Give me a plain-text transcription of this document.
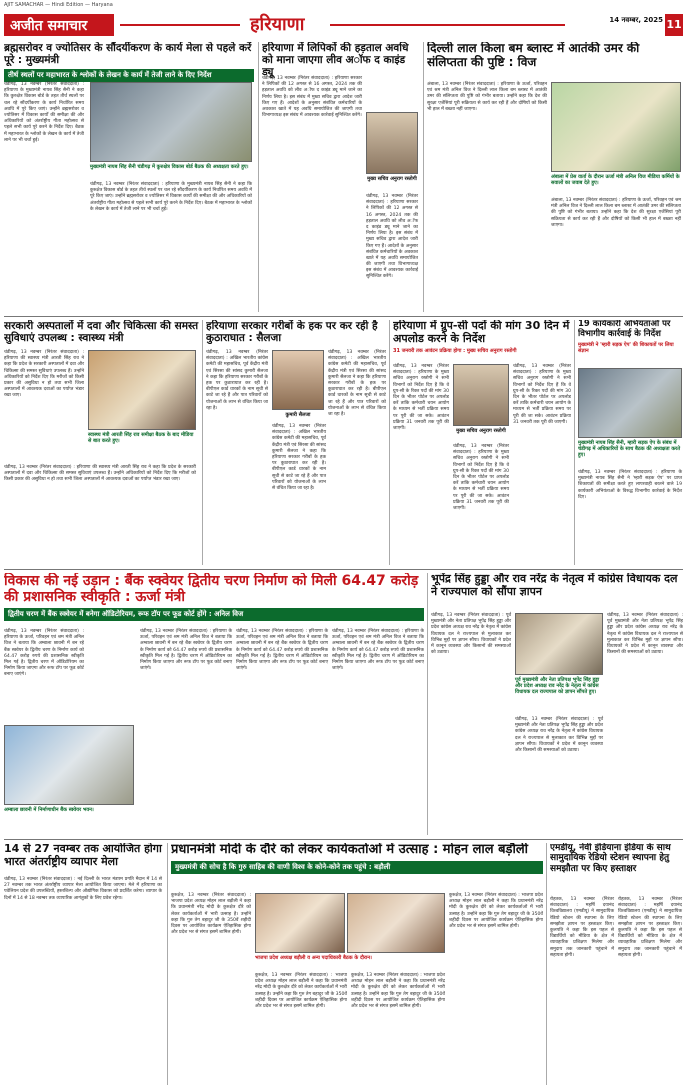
AJIT SAMACHAR — Hindi Edition — Haryana
अजीत समाचार	हरियाणा	14 नवम्बर, 2025 11
ब्रह्मसरोवर व ज्योतिसर के सौंदर्यीकरण के कार्य मेला से पहले करें पूरे : मुख्यमंत्री
तीर्थ स्थलों पर महाभारत के श्लोकों के लेखन के कार्य में तेजी लाने के दिए निर्देश
चंडीगढ़, 13 नवम्बर (निरंतर संवाददाता) : हरियाणा के मुख्यमंत्री नायब सिंह सैनी ने कहा कि कुरुक्षेत्र विकास बोर्ड के तहत तीर्थ स्थलों पर चल रहे सौंदर्यीकरण के कार्य निर्धारित समय अवधि में पूरे किए जाएं। उन्होंने ब्रह्मसरोवर व ज्योतिसर में विकास कार्यों की समीक्षा की और अधिकारियों को अंतर्राष्ट्रीय गीता महोत्सव से पहले सभी कार्य पूरे करने के निर्देश दिए। बैठक में महाभारत के श्लोकों के लेखन के कार्य में तेजी लाने पर भी चर्चा हुई।
मुख्यमंत्री नायब सिंह सैनी चंडीगढ़ में कुरुक्षेत्र विकास बोर्ड बैठक की अध्यक्षता करते हुए।
चंडीगढ़, 13 नवम्बर (निरंतर संवाददाता) : हरियाणा के मुख्यमंत्री नायब सिंह सैनी ने कहा कि कुरुक्षेत्र विकास बोर्ड के तहत तीर्थ स्थलों पर चल रहे सौंदर्यीकरण के कार्य निर्धारित समय अवधि में पूरे किए जाएं। उन्होंने ब्रह्मसरोवर व ज्योतिसर में विकास कार्यों की समीक्षा की और अधिकारियों को अंतर्राष्ट्रीय गीता महोत्सव से पहले सभी कार्य पूरे करने के निर्देश दिए। बैठक में महाभारत के श्लोकों के लेखन के कार्य में तेजी लाने पर भी चर्चा हुई।
हरियाणा में लिपिकों की हड़ताल अवधि को माना जाएगा लीव अॉफ द काइंड ड्यू
चंडीगढ़, 13 नवम्बर (निरंतर संवाददाता) : हरियाणा सरकार ने लिपिकों की 12 अगस्त से 16 अगस्त, 2024 तक की हड़ताल अवधि को लीव अॉफ द काइंड ड्यू माने जाने का निर्णय लिया है। इस संबंध में मुख्य सचिव द्वारा आदेश जारी किए गए हैं। आदेशों के अनुसार संबंधित कर्मचारियों के अवकाश खाते में यह अवधि समायोजित की जाएगी तथा विभागाध्यक्ष इस संबंध में आवश्यक कार्रवाई सुनिश्चित करेंगे।
मुख्य सचिव अनुराग रस्तोगी
चंडीगढ़, 13 नवम्बर (निरंतर संवाददाता) : हरियाणा सरकार ने लिपिकों की 12 अगस्त से 16 अगस्त, 2024 तक की हड़ताल अवधि को लीव अॉफ द काइंड ड्यू माने जाने का निर्णय लिया है। इस संबंध में मुख्य सचिव द्वारा आदेश जारी किए गए हैं। आदेशों के अनुसार संबंधित कर्मचारियों के अवकाश खाते में यह अवधि समायोजित की जाएगी तथा विभागाध्यक्ष इस संबंध में आवश्यक कार्रवाई सुनिश्चित करेंगे।
दिल्ली लाल किला बम ब्लास्ट में आतंकी उमर की संलिप्तता की पुष्टि : विज
अंबाला, 13 नवम्बर (निरंतर संवाददाता) : हरियाणा के ऊर्जा, परिवहन एवं श्रम मंत्री अनिल विज ने दिल्ली लाल किला बम ब्लास्ट में आतंकी उमर की संलिप्तता की पुष्टि को गंभीर बताया। उन्होंने कहा कि देश की सुरक्षा एजेंसियां पूरी सक्रियता से कार्य कर रही हैं और दोषियों को किसी भी हाल में बख्शा नहीं जाएगा।
अंबाला में प्रेस वार्ता के दौरान ऊर्जा मंत्री अनिल विज मीडिया कर्मियों के सवालों का जवाब देते हुए।
अंबाला, 13 नवम्बर (निरंतर संवाददाता) : हरियाणा के ऊर्जा, परिवहन एवं श्रम मंत्री अनिल विज ने दिल्ली लाल किला बम ब्लास्ट में आतंकी उमर की संलिप्तता की पुष्टि को गंभीर बताया। उन्होंने कहा कि देश की सुरक्षा एजेंसियां पूरी सक्रियता से कार्य कर रही हैं और दोषियों को किसी भी हाल में बख्शा नहीं जाएगा।
सरकारी अस्पतालों में दवा और चिकित्सा की समस्त सुविधाएं उपलब्ध : स्वास्थ्य मंत्री
चंडीगढ़, 13 नवम्बर (निरंतर संवाददाता) : हरियाणा की स्वास्थ्य मंत्री आरती सिंह राव ने कहा कि प्रदेश के सरकारी अस्पतालों में दवा और चिकित्सा की समस्त सुविधाएं उपलब्ध हैं। उन्होंने अधिकारियों को निर्देश दिए कि मरीजों को किसी प्रकार की असुविधा न हो तथा सभी जिला अस्पतालों में आवश्यक दवाओं का पर्याप्त भंडार रखा जाए।
स्वास्थ्य मंत्री आरती सिंह राव समीक्षा बैठक के बाद मीडिया से बात करते हुए।
चंडीगढ़, 13 नवम्बर (निरंतर संवाददाता) : हरियाणा की स्वास्थ्य मंत्री आरती सिंह राव ने कहा कि प्रदेश के सरकारी अस्पतालों में दवा और चिकित्सा की समस्त सुविधाएं उपलब्ध हैं। उन्होंने अधिकारियों को निर्देश दिए कि मरीजों को किसी प्रकार की असुविधा न हो तथा सभी जिला अस्पतालों में आवश्यक दवाओं का पर्याप्त भंडार रखा जाए।
हरियाणा सरकार गरीबों के हक पर कर रही है कुठाराघात : सैलजा
चंडीगढ़, 13 नवम्बर (निरंतर संवाददाता) : अखिल भारतीय कांग्रेस कमेटी की महासचिव, पूर्व केंद्रीय मंत्री एवं सिरसा की सांसद कुमारी सैलजा ने कहा कि हरियाणा सरकार गरीबों के हक पर कुठाराघात कर रही है। बीपीएल कार्ड धारकों के नाम सूची से काटे जा रहे हैं और पात्र परिवारों को योजनाओं के लाभ से वंचित किया जा रहा है।
कुमारी सैलजा
चंडीगढ़, 13 नवम्बर (निरंतर संवाददाता) : अखिल भारतीय कांग्रेस कमेटी की महासचिव, पूर्व केंद्रीय मंत्री एवं सिरसा की सांसद कुमारी सैलजा ने कहा कि हरियाणा सरकार गरीबों के हक पर कुठाराघात कर रही है। बीपीएल कार्ड धारकों के नाम सूची से काटे जा रहे हैं और पात्र परिवारों को योजनाओं के लाभ से वंचित किया जा रहा है।
चंडीगढ़, 13 नवम्बर (निरंतर संवाददाता) : अखिल भारतीय कांग्रेस कमेटी की महासचिव, पूर्व केंद्रीय मंत्री एवं सिरसा की सांसद कुमारी सैलजा ने कहा कि हरियाणा सरकार गरीबों के हक पर कुठाराघात कर रही है। बीपीएल कार्ड धारकों के नाम सूची से काटे जा रहे हैं और पात्र परिवारों को योजनाओं के लाभ से वंचित किया जा रहा है।
हरियाणा में ग्रुप-सी पदों की मांग 30 दिन में अपलोड करने के निर्देश
31 जनवरी तक आवंटन प्रक्रिया होगा : मुख्य सचिव अनुराग रस्तोगी
चंडीगढ़, 13 नवम्बर (निरंतर संवाददाता) : हरियाणा के मुख्य सचिव अनुराग रस्तोगी ने सभी विभागों को निर्देश दिए हैं कि वे ग्रुप-सी के रिक्त पदों की मांग 30 दिन के भीतर पोर्टल पर अपलोड करें ताकि कर्मचारी चयन आयोग के माध्यम से भर्ती प्रक्रिया समय पर पूरी की जा सके। आवंटन प्रक्रिया 31 जनवरी तक पूरी की जाएगी।	मुख्य सचिव अनुराग रस्तोगी
चंडीगढ़, 13 नवम्बर (निरंतर संवाददाता) : हरियाणा के मुख्य सचिव अनुराग रस्तोगी ने सभी विभागों को निर्देश दिए हैं कि वे ग्रुप-सी के रिक्त पदों की मांग 30 दिन के भीतर पोर्टल पर अपलोड करें ताकि कर्मचारी चयन आयोग के माध्यम से भर्ती प्रक्रिया समय पर पूरी की जा सके। आवंटन प्रक्रिया 31 जनवरी तक पूरी की जाएगी।
चंडीगढ़, 13 नवम्बर (निरंतर संवाददाता) : हरियाणा के मुख्य सचिव अनुराग रस्तोगी ने सभी विभागों को निर्देश दिए हैं कि वे ग्रुप-सी के रिक्त पदों की मांग 30 दिन के भीतर पोर्टल पर अपलोड करें ताकि कर्मचारी चयन आयोग के माध्यम से भर्ती प्रक्रिया समय पर पूरी की जा सके। आवंटन प्रक्रिया 31 जनवरी तक पूरी की जाएगी।
19 कार्यकारी अभियंताओं पर विभागीय कार्रवाई के निर्देश
मुख्यमंत्री ने 'म्हारी सड़क ऐप' की शिकायतों पर लिया संज्ञान
मुख्यमंत्री नायब सिंह सैनी, म्हारी सड़क ऐप के संबंध में चंडीगढ़ में अधिकारियों के साथ बैठक की अध्यक्षता करते हुए।
चंडीगढ़, 13 नवम्बर (निरंतर संवाददाता) : हरियाणा के मुख्यमंत्री नायब सिंह सैनी ने 'म्हारी सड़क ऐप' पर प्राप्त शिकायतों की समीक्षा करते हुए लापरवाही बरतने वाले 19 कार्यकारी अभियंताओं के विरुद्ध विभागीय कार्रवाई के निर्देश दिए।
विकास की नई उड़ान : बैंक स्क्वेयर द्वितीय चरण निर्माण को मिली 64.47 करोड़ की प्रशासनिक स्वीकृति : ऊर्जा मंत्री
द्वितीय चरण में बैंक स्क्वेयर में बनेगा ऑडिटोरियम, रूफ टॉप पर फूड कोर्ट होंगे : अनिल विज
चंडीगढ़, 13 नवम्बर (निरंतर संवाददाता) : हरियाणा के ऊर्जा, परिवहन एवं श्रम मंत्री अनिल विज ने बताया कि अम्बाला छावनी में बन रहे बैंक स्क्वेयर के द्वितीय चरण के निर्माण कार्य को 64.47 करोड़ रुपये की प्रशासनिक स्वीकृति मिल गई है। द्वितीय चरण में ऑडिटोरियम का निर्माण किया जाएगा और रूफ टॉप पर फूड कोर्ट बनाए जाएंगे।
अम्बाला छावनी में निर्माणाधीन बैंक स्क्वेयर भवन।
चंडीगढ़, 13 नवम्बर (निरंतर संवाददाता) : हरियाणा के ऊर्जा, परिवहन एवं श्रम मंत्री अनिल विज ने बताया कि अम्बाला छावनी में बन रहे बैंक स्क्वेयर के द्वितीय चरण के निर्माण कार्य को 64.47 करोड़ रुपये की प्रशासनिक स्वीकृति मिल गई है। द्वितीय चरण में ऑडिटोरियम का निर्माण किया जाएगा और रूफ टॉप पर फूड कोर्ट बनाए जाएंगे।
चंडीगढ़, 13 नवम्बर (निरंतर संवाददाता) : हरियाणा के ऊर्जा, परिवहन एवं श्रम मंत्री अनिल विज ने बताया कि अम्बाला छावनी में बन रहे बैंक स्क्वेयर के द्वितीय चरण के निर्माण कार्य को 64.47 करोड़ रुपये की प्रशासनिक स्वीकृति मिल गई है। द्वितीय चरण में ऑडिटोरियम का निर्माण किया जाएगा और रूफ टॉप पर फूड कोर्ट बनाए जाएंगे।
चंडीगढ़, 13 नवम्बर (निरंतर संवाददाता) : हरियाणा के ऊर्जा, परिवहन एवं श्रम मंत्री अनिल विज ने बताया कि अम्बाला छावनी में बन रहे बैंक स्क्वेयर के द्वितीय चरण के निर्माण कार्य को 64.47 करोड़ रुपये की प्रशासनिक स्वीकृति मिल गई है। द्वितीय चरण में ऑडिटोरियम का निर्माण किया जाएगा और रूफ टॉप पर फूड कोर्ट बनाए जाएंगे।
भूपेंद्र सिंह हुड्डा और राव नरेंद्र के नेतृत्व में कांग्रेस विधायक दल ने राज्यपाल को सौंपा ज्ञापन
चंडीगढ़, 13 नवम्बर (निरंतर संवाददाता) : पूर्व मुख्यमंत्री और नेता प्रतिपक्ष भूपेंद्र सिंह हुड्डा और प्रदेश कांग्रेस अध्यक्ष राव नरेंद्र के नेतृत्व में कांग्रेस विधायक दल ने राज्यपाल से मुलाकात कर विभिन्न मुद्दों पर ज्ञापन सौंपा। विधायकों ने प्रदेश में कानून व्यवस्था और किसानों की समस्याओं को उठाया।
पूर्व मुख्यमंत्री और नेता प्रतिपक्ष भूपेंद्र सिंह हुड्डा और प्रदेश अध्यक्ष राव नरेंद्र के नेतृत्व में कांग्रेस विधायक दल राज्यपाल को ज्ञापन सौंपते हुए।
चंडीगढ़, 13 नवम्बर (निरंतर संवाददाता) : पूर्व मुख्यमंत्री और नेता प्रतिपक्ष भूपेंद्र सिंह हुड्डा और प्रदेश कांग्रेस अध्यक्ष राव नरेंद्र के नेतृत्व में कांग्रेस विधायक दल ने राज्यपाल से मुलाकात कर विभिन्न मुद्दों पर ज्ञापन सौंपा। विधायकों ने प्रदेश में कानून व्यवस्था और किसानों की समस्याओं को उठाया।
चंडीगढ़, 13 नवम्बर (निरंतर संवाददाता) : पूर्व मुख्यमंत्री और नेता प्रतिपक्ष भूपेंद्र सिंह हुड्डा और प्रदेश कांग्रेस अध्यक्ष राव नरेंद्र के नेतृत्व में कांग्रेस विधायक दल ने राज्यपाल से मुलाकात कर विभिन्न मुद्दों पर ज्ञापन सौंपा। विधायकों ने प्रदेश में कानून व्यवस्था और किसानों की समस्याओं को उठाया।
14 से 27 नवम्बर तक आयोजित होगा भारत अंतर्राष्ट्रीय व्यापार मेला
चंडीगढ़, 13 नवम्बर (निरंतर संवाददाता) : नई दिल्ली के भारत मंडपम प्रगति मैदान में 14 से 27 नवम्बर तक भारत अंतर्राष्ट्रीय व्यापार मेला आयोजित किया जाएगा। मेले में हरियाणा का पवेलियन प्रदेश की उपलब्धियों, हस्तशिल्प और औद्योगिक विकास को प्रदर्शित करेगा। व्यापार के दिनों में 14 से 18 नवम्बर तक व्यापारिक आगंतुकों के लिए प्रवेश रहेगा।
प्रधानमंत्री मोदी के दौरे को लेकर कार्यकर्ताओं में उत्साह : मोहन लाल बड़ौली
मुख्यमंत्री की सोच है कि गुरु साहिब की वाणी विश्व के कोने-कोने तक पहुंचे : बड़ौली
कुरुक्षेत्र, 13 नवम्बर (निरंतर संवाददाता) : भाजपा प्रदेश अध्यक्ष मोहन लाल बड़ौली ने कहा कि प्रधानमंत्री नरेंद्र मोदी के कुरुक्षेत्र दौरे को लेकर कार्यकर्ताओं में भारी उत्साह है। उन्होंने कहा कि गुरु तेग बहादुर जी के 350वें शहीदी दिवस पर आयोजित कार्यक्रम ऐतिहासिक होगा और प्रदेश भर से संगत इसमें शामिल होगी।
भाजपा प्रदेश अध्यक्ष बड़ौली व अन्य पदाधिकारी बैठक के दौरान।
कुरुक्षेत्र, 13 नवम्बर (निरंतर संवाददाता) : भाजपा प्रदेश अध्यक्ष मोहन लाल बड़ौली ने कहा कि प्रधानमंत्री नरेंद्र मोदी के कुरुक्षेत्र दौरे को लेकर कार्यकर्ताओं में भारी उत्साह है। उन्होंने कहा कि गुरु तेग बहादुर जी के 350वें शहीदी दिवस पर आयोजित कार्यक्रम ऐतिहासिक होगा और प्रदेश भर से संगत इसमें शामिल होगी।
कुरुक्षेत्र, 13 नवम्बर (निरंतर संवाददाता) : भाजपा प्रदेश अध्यक्ष मोहन लाल बड़ौली ने कहा कि प्रधानमंत्री नरेंद्र मोदी के कुरुक्षेत्र दौरे को लेकर कार्यकर्ताओं में भारी उत्साह है। उन्होंने कहा कि गुरु तेग बहादुर जी के 350वें शहीदी दिवस पर आयोजित कार्यक्रम ऐतिहासिक होगा और प्रदेश भर से संगत इसमें शामिल होगी।
कुरुक्षेत्र, 13 नवम्बर (निरंतर संवाददाता) : भाजपा प्रदेश अध्यक्ष मोहन लाल बड़ौली ने कहा कि प्रधानमंत्री नरेंद्र मोदी के कुरुक्षेत्र दौरे को लेकर कार्यकर्ताओं में भारी उत्साह है। उन्होंने कहा कि गुरु तेग बहादुर जी के 350वें शहीदी दिवस पर आयोजित कार्यक्रम ऐतिहासिक होगा और प्रदेश भर से संगत इसमें शामिल होगी।
एमडीयू, नेवी इंडियाना इंडिया के साथ सामुदायिक रेडियो स्टेशन स्थापना हेतु समझौता पर किए हस्ताक्षर
रोहतक, 13 नवम्बर (निरंतर संवाददाता) : महर्षि दयानंद विश्वविद्यालय (एमडीयू) ने सामुदायिक रेडियो स्टेशन की स्थापना के लिए समझौता ज्ञापन पर हस्ताक्षर किए। कुलपति ने कहा कि इस पहल से विद्यार्थियों को मीडिया के क्षेत्र में व्यावहारिक प्रशिक्षण मिलेगा और समुदाय तक जानकारी पहुंचाने में सहायता होगी।
रोहतक, 13 नवम्बर (निरंतर संवाददाता) : महर्षि दयानंद विश्वविद्यालय (एमडीयू) ने सामुदायिक रेडियो स्टेशन की स्थापना के लिए समझौता ज्ञापन पर हस्ताक्षर किए। कुलपति ने कहा कि इस पहल से विद्यार्थियों को मीडिया के क्षेत्र में व्यावहारिक प्रशिक्षण मिलेगा और समुदाय तक जानकारी पहुंचाने में सहायता होगी।
